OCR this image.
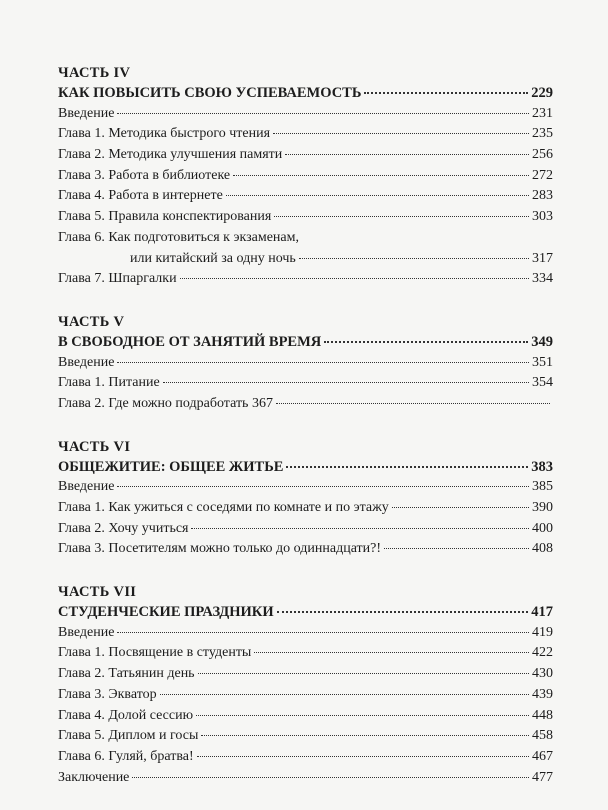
ЧАСТЬ IV
КАК ПОВЫСИТЬ СВОЮ УСПЕВАЕМОСТЬ	229
Введение	231
Глава 1. Методика быстрого чтения	235
Глава 2. Методика улучшения памяти	256
Глава 3. Работа в библиотеке	272
Глава 4. Работа в интернете	283
Глава 5. Правила конспектирования	303
Глава 6. Как подготовиться к экзаменам,
или китайский за одну ночь	317
Глава 7. Шпаргалки	334
ЧАСТЬ V
В СВОБОДНОЕ ОТ ЗАНЯТИЙ ВРЕМЯ	349
Введение	351
Глава 1. Питание	354
Глава 2. Где можно подработать 367
ЧАСТЬ VI
ОБЩЕЖИТИЕ: ОБЩЕЕ ЖИТЬЕ	383
Введение	385
Глава 1. Как ужиться с соседями по комнате и по этажу	390
Глава 2. Хочу учиться	400
Глава 3. Посетителям можно только до одиннадцати?!	408
ЧАСТЬ VII
СТУДЕНЧЕСКИЕ ПРАЗДНИКИ	417
Введение	419
Глава 1. Посвящение в студенты	422
Глава 2. Татьянин день	430
Глава 3. Экватор	439
Глава 4. Долой сессию	448
Глава 5. Диплом и госы	458
Глава 6. Гуляй, братва!	467
Заключение	477
